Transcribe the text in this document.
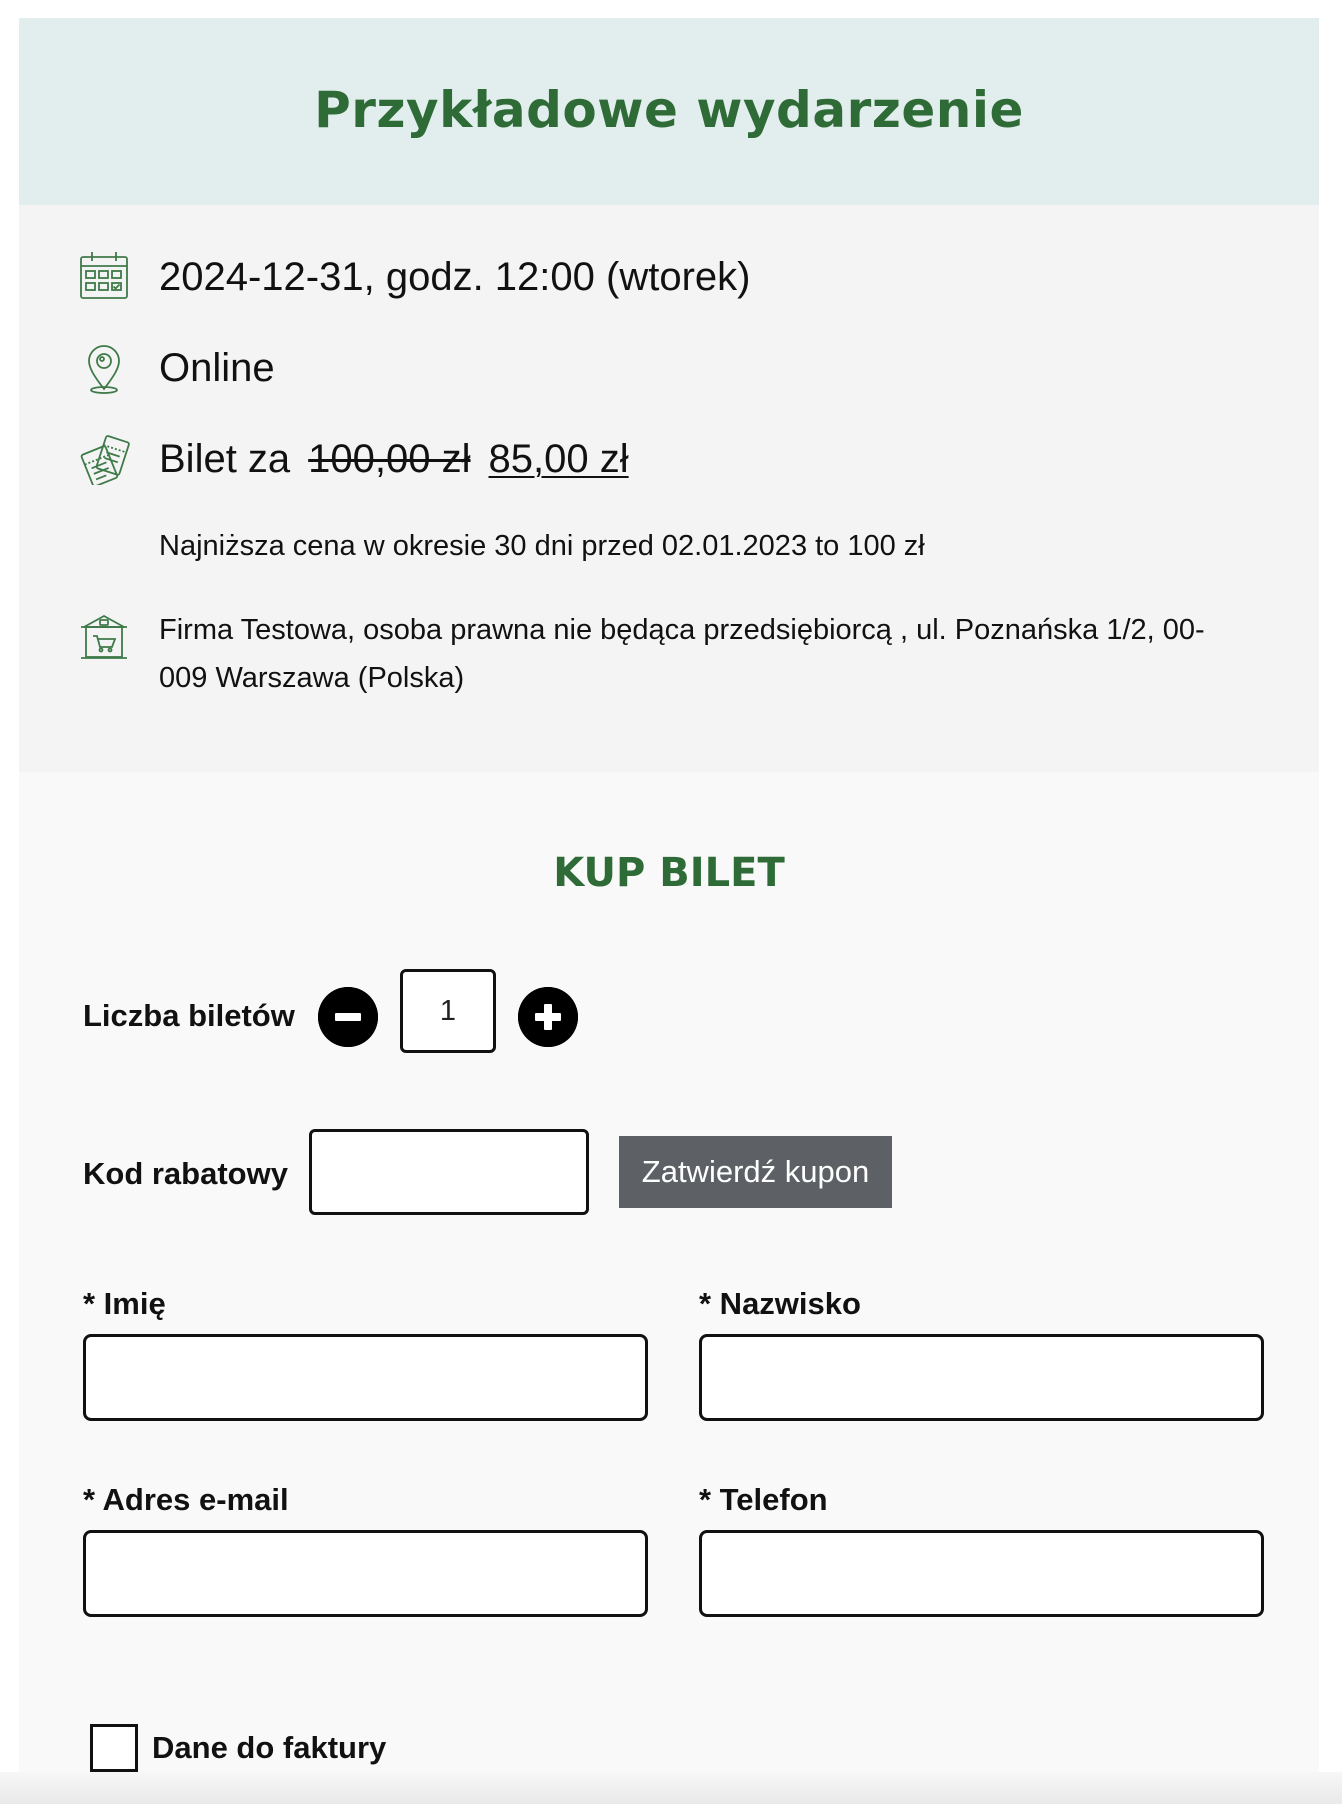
Przykładowe wydarzenie
2024-12-31, godz. 12:00 (wtorek)
Online
Bilet za 100,00 zł 85,00 zł
Najniższa cena w okresie 30 dni przed 02.01.2023 to 100 zł
Firma Testowa, osoba prawna nie będąca przedsiębiorcą , ul. Poznańska 1/2, 00-009 Warszawa (Polska)
KUP BILET
Liczba biletów
1
Kod rabatowy	Zatwierdź kupon
* Imię	* Nazwisko
* Adres e-mail	* Telefon
Dane do faktury
